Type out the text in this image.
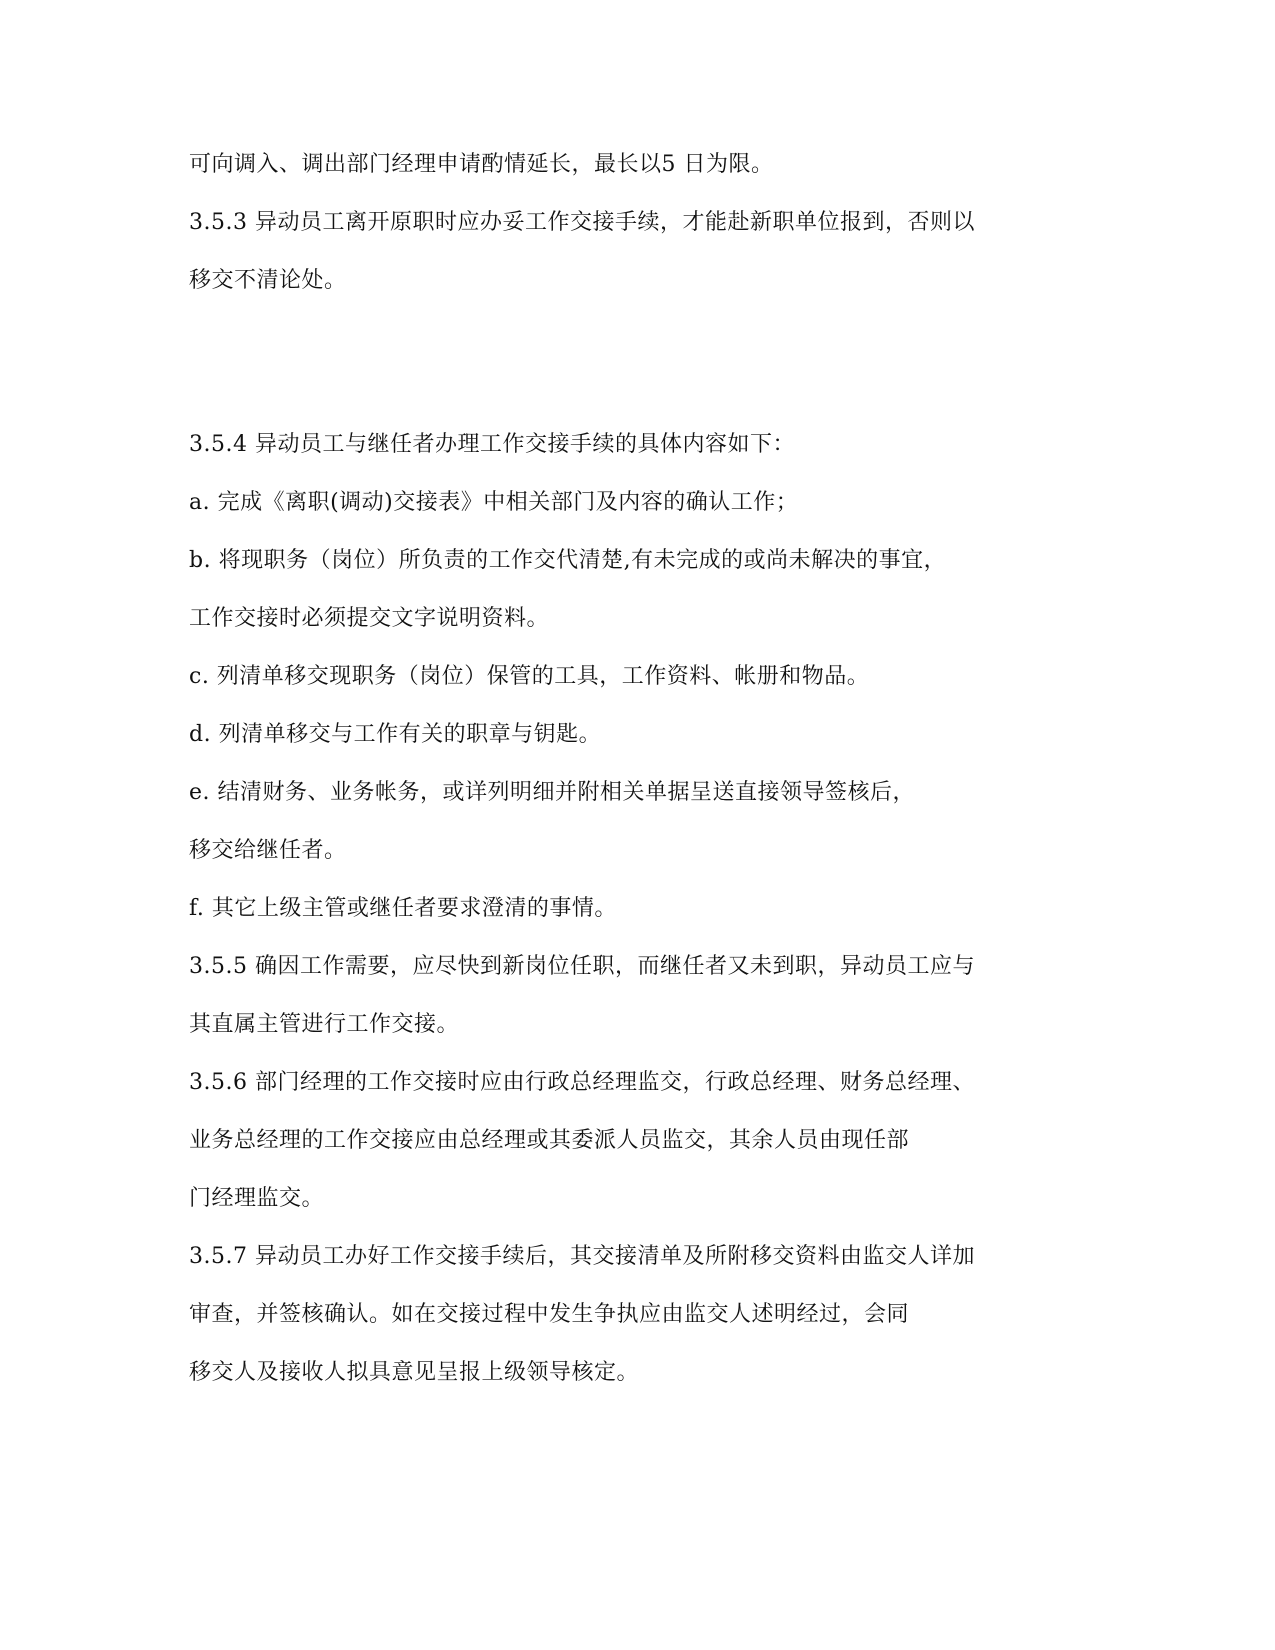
可向调入、调出部门经理申请酌情延长，最长以5 日为限。
3.5.3 异动员工离开原职时应办妥工作交接手续，才能赴新职单位报到，否则以
移交不清论处。
3.5.4 异动员工与继任者办理工作交接手续的具体内容如下：
a. 完成《离职(调动)交接表》中相关部门及内容的确认工作；
b. 将现职务（岗位）所负责的工作交代清楚,有未完成的或尚未解决的事宜，
工作交接时必须提交文字说明资料。
c. 列清单移交现职务（岗位）保管的工具，工作资料、帐册和物品。
d. 列清单移交与工作有关的职章与钥匙。
e. 结清财务、业务帐务，或详列明细并附相关单据呈送直接领导签核后，
移交给继任者。
f. 其它上级主管或继任者要求澄清的事情。
3.5.5 确因工作需要，应尽快到新岗位任职，而继任者又未到职，异动员工应与
其直属主管进行工作交接。
3.5.6 部门经理的工作交接时应由行政总经理监交，行政总经理、财务总经理、
业务总经理的工作交接应由总经理或其委派人员监交，其余人员由现任部
门经理监交。
3.5.7 异动员工办好工作交接手续后，其交接清单及所附移交资料由监交人详加
审查，并签核确认。如在交接过程中发生争执应由监交人述明经过，会同
移交人及接收人拟具意见呈报上级领导核定。
